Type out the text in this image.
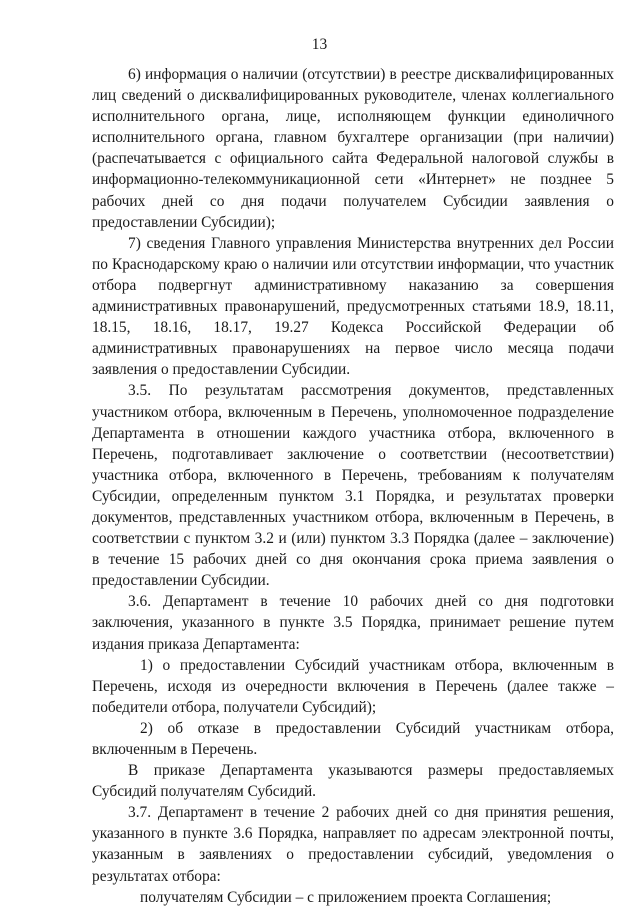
13

6) информация о наличии (отсутствии) в реестре дисквалифицированных лиц сведений о дисквалифицированных руководителе, членах коллегиального исполнительного органа, лице, исполняющем функции единоличного исполнительного органа, главном бухгалтере организации (при наличии) (распечатывается с официального сайта Федеральной налоговой службы в информационно-телекоммуникационной сети «Интернет» не позднее 5 рабочих дней со дня подачи получателем Субсидии заявления о предоставлении Субсидии);

7) сведения Главного управления Министерства внутренних дел России по Краснодарскому краю о наличии или отсутствии информации, что участник отбора подвергнут административному наказанию за совершения административных правонарушений, предусмотренных статьями 18.9, 18.11, 18.15, 18.16, 18.17, 19.27 Кодекса Российской Федерации об административных правонарушениях на первое число месяца подачи заявления о предоставлении Субсидии.

3.5. По результатам рассмотрения документов, представленных участником отбора, включенным в Перечень, уполномоченное подразделение Департамента в отношении каждого участника отбора, включенного в Перечень, подготавливает заключение о соответствии (несоответствии) участника отбора, включенного в Перечень, требованиям к получателям Субсидии, определенным пунктом 3.1 Порядка, и результатах проверки документов, представленных участником отбора, включенным в Перечень, в соответствии с пунктом 3.2 и (или) пунктом 3.3 Порядка (далее – заключение) в течение 15 рабочих дней со дня окончания срока приема заявления о предоставлении Субсидии.

3.6. Департамент в течение 10 рабочих дней со дня подготовки заключения, указанного в пункте 3.5 Порядка, принимает решение путем издания приказа Департамента:

1) о предоставлении Субсидий участникам отбора, включенным в Перечень, исходя из очередности включения в Перечень (далее также – победители отбора, получатели Субсидий);

2) об отказе в предоставлении Субсидий участникам отбора, включенным в Перечень.

В приказе Департамента указываются размеры предоставляемых Субсидий получателям Субсидий.

3.7. Департамент в течение 2 рабочих дней со дня принятия решения, указанного в пункте 3.6 Порядка, направляет по адресам электронной почты, указанным в заявлениях о предоставлении субсидий, уведомления о результатах отбора:

получателям Субсидии – с приложением проекта Соглашения;
